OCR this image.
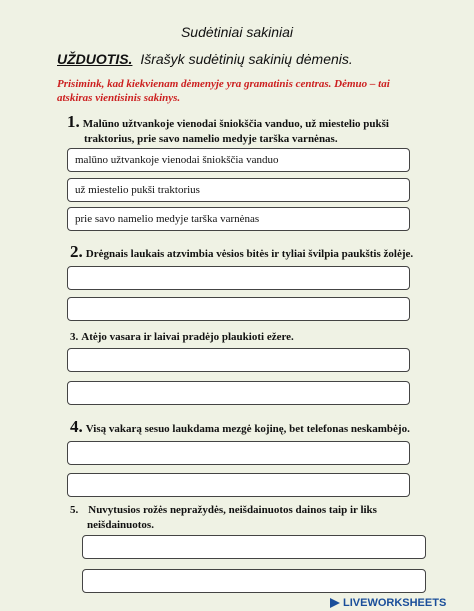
Sudėtiniai sakiniai
UŽDUOTIS. Išrašyk sudėtinių sakinių dėmenis.
Prisimink, kad kiekvienam dėmenyje yra gramatinis centras. Dėmuo – tai atskiras vientisinis sakinys.
1. Malūno užtvankoje vienodai šniokščia vanduo, už miestelio pukši
traktorius, prie savo namelio medyje tarška varnėnas.
malūno užtvankoje vienodai šniokščia vanduo
už miestelio pukši traktorius
prie savo namelio medyje tarška varnėnas
2. Drėgnais laukais atzvimbia vėsios bitės ir tyliai švilpia paukštis žolėje.
3. Atėjo vasara ir laivai pradėjo plaukioti ežere.
4. Visą vakarą sesuo laukdama mezgė kojinę, bet telefonas neskambėjo.
5. Nuvytusios rožės nepražydės, neišdainuotos dainos taip ir liks
neišdainuotos.
LIVEWORKSHEETS
